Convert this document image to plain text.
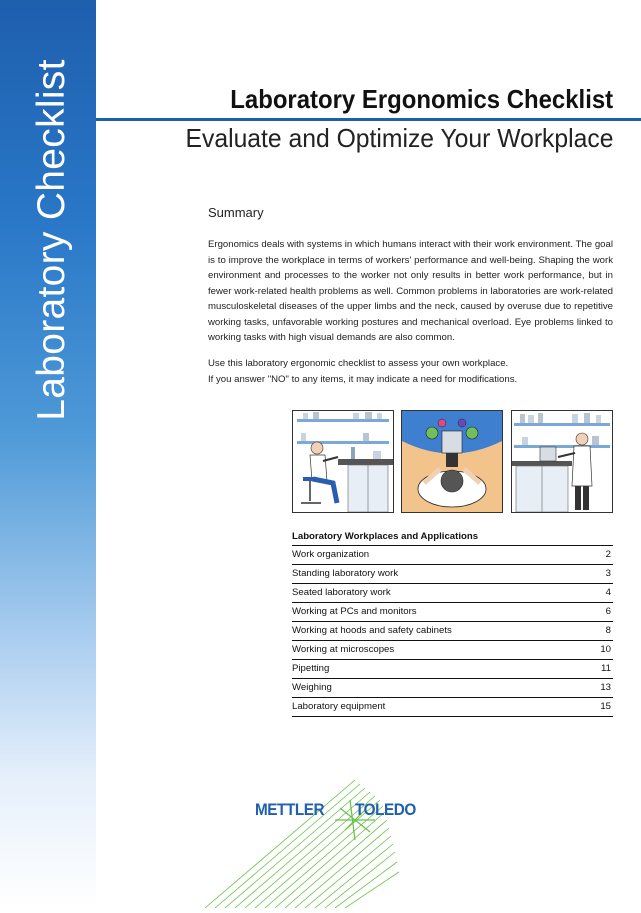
Laboratory Checklist	Laboratory Ergonomics Checklist
Evaluate and Optimize Your Workplace
Summary
Ergonomics deals with systems in which humans interact with their work environment. The goal is to improve the workplace in terms of workers' performance and well-being. Shaping the work environment and processes to the worker not only results in better work performance, but in fewer work-related health problems as well. Common problems in laboratories are work-related musculoskeletal diseases of the upper limbs and the neck, caused by overuse due to repetitive working tasks, unfavorable working postures and mechanical overload. Eye problems linked to working tasks with high visual demands are also common.

Use this laboratory ergonomic checklist to assess your own workplace.

If you answer "NO" to any items, it may indicate a need for modifications.

Laboratory Workplaces and Applications
Work organization	2
Standing laboratory work	3
Seated laboratory work	4
Working at PCs and monitors	6
Working at hoods and safety cabinets	8
Working at microscopes	10
Pipetting	11
Weighing	13
Laboratory equipment	15
METTLER TOLEDO
